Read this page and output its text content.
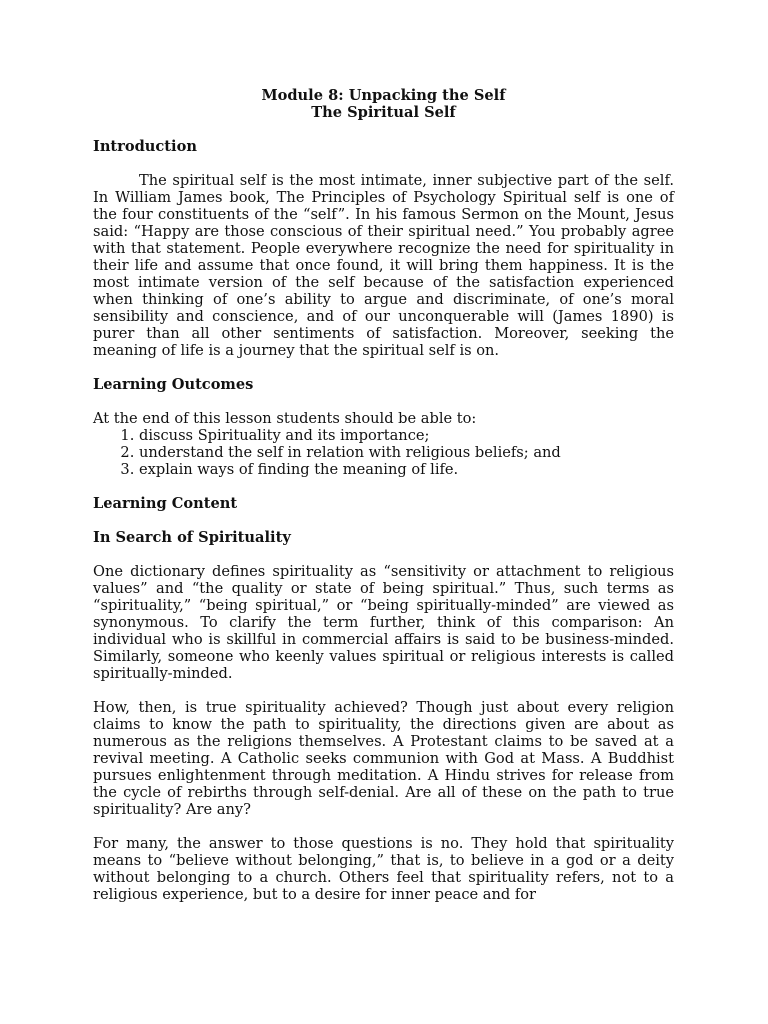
Module 8: Unpacking the Self

The Spiritual Self

Introduction

The spiritual self is the most intimate, inner subjective part of the self. In William James book, The Principles of Psychology Spiritual self is one of the four constituents of the “self”. In his famous Sermon on the Mount, Jesus said: “Happy are those conscious of their spiritual need.” You probably agree with that statement. People everywhere recognize the need for spirituality in their life and assume that once found, it will bring them happiness. It is the most intimate version of the self because of the satisfaction experienced when thinking of one’s ability to argue and discriminate, of one’s moral sensibility and conscience, and of our unconquerable will (James 1890) is purer than all other sentiments of satisfaction. Moreover, seeking the meaning of life is a journey that the spiritual self is on.

Learning Outcomes

At the end of this lesson students should be able to:

1. discuss Spirituality and its importance;
2. understand the self in relation with religious beliefs; and
3. explain ways of finding the meaning of life.
Learning Content
In Search of Spirituality

One dictionary defines spirituality as “sensitivity or attachment to religious values” and “the quality or state of being spiritual.” Thus, such terms as “spirituality,” “being spiritual,” or “being spiritually-minded” are viewed as synonymous. To clarify the term further, think of this comparison: An individual who is skillful in commercial affairs is said to be business-minded. Similarly, someone who keenly values spiritual or religious interests is called spiritually-minded.

How, then, is true spirituality achieved? Though just about every religion claims to know the path to spirituality, the directions given are about as numerous as the religions themselves. A Protestant claims to be saved at a revival meeting. A Catholic seeks communion with God at Mass. A Buddhist pursues enlightenment through meditation. A Hindu strives for release from the cycle of rebirths through self-denial. Are all of these on the path to true spirituality? Are any?

For many, the answer to those questions is no. They hold that spirituality means to “believe without belonging,” that is, to believe in a god or a deity without belonging to a church. Others feel that spirituality refers, not to a religious experience, but to a desire for inner peace and for
